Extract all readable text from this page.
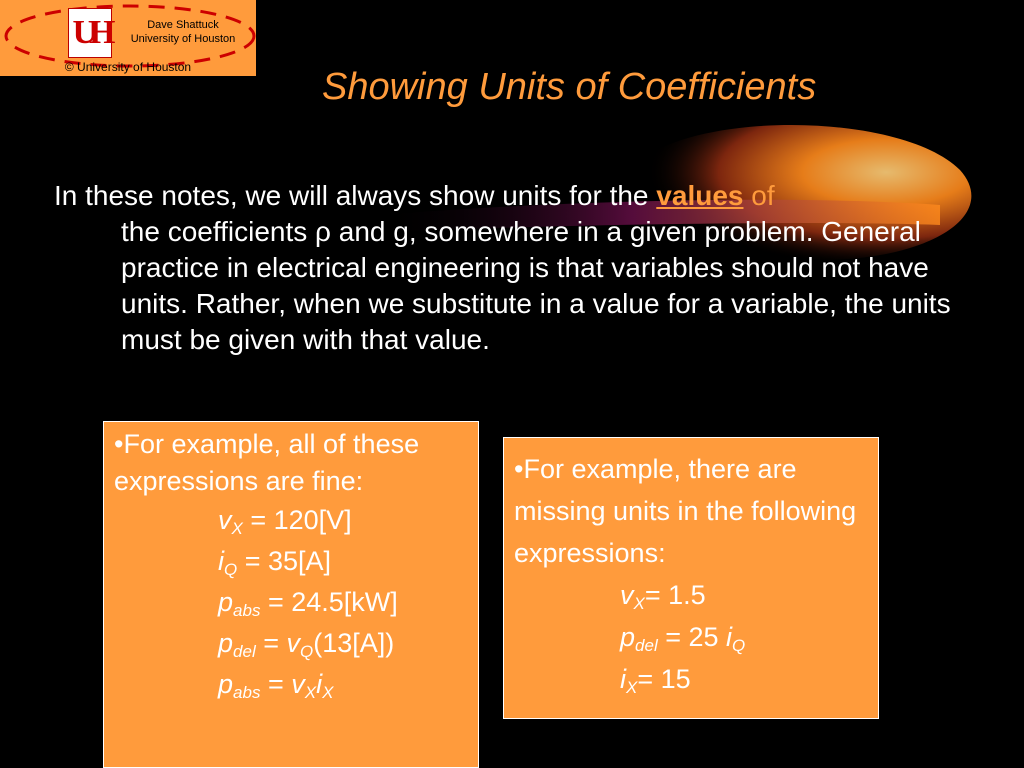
UH	Dave Shattuck
University of Houston
© University of Houston	Showing Units of Coefficients
In these notes, we will always show units for the values of
the coefficients ρ and g, somewhere in a given problem. General practice in electrical engineering is that variables should not have units. Rather, when we substitute in a value for a variable, the units must be given with that value.
•For example, all of these expressions are fine:
$v_X = 120[V]$
$i_Q = 35[A]$
$p_{abs} = 24.5[kW]$
$p_{del} = v_Q(13[A])$
$p_{abs} = v_Xi_X$
•For example, there are missing units in the following expressions:
$v_X= 1.5$
$p_{del} = 25$ $i_Q$
$i_X= 15$
